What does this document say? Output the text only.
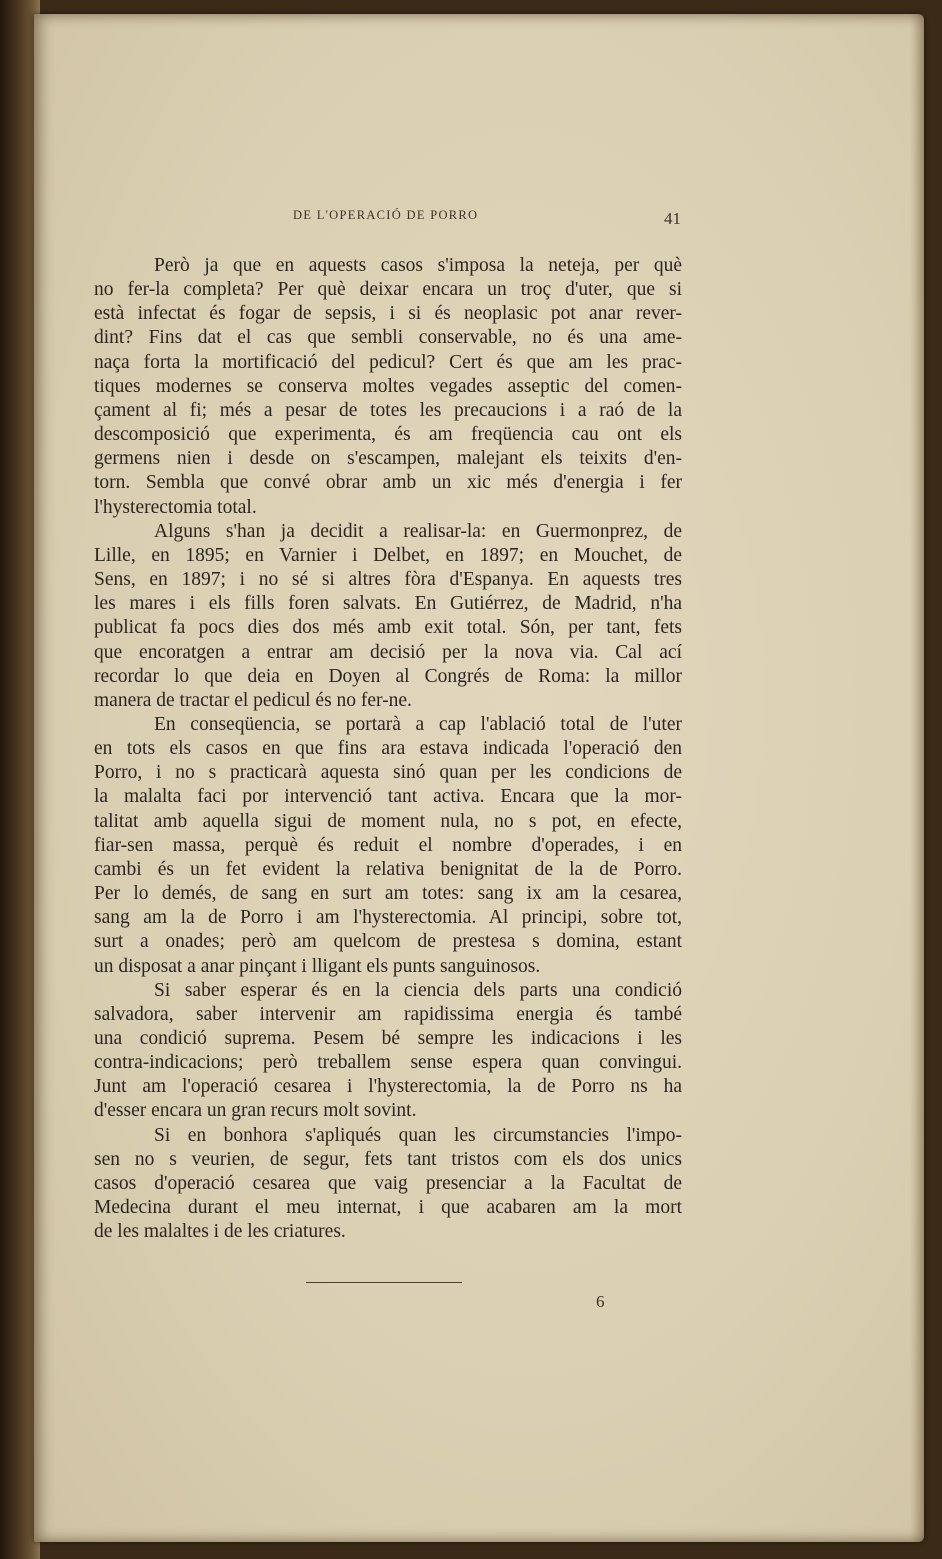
DE L'OPERACIÓ DE PORRO	41
Però ja que en aquests casos s'imposa la neteja, per què
no fer-la completa? Per què deixar encara un troç d'uter, que si
està infectat és fogar de sepsis, i si és neoplasic pot anar rever-
dint? Fins dat el cas que sembli conservable, no és una ame-
naça forta la mortificació del pedicul? Cert és que am les prac-
tiques modernes se conserva moltes vegades asseptic del comen-
çament al fi; més a pesar de totes les precaucions i a raó de la
descomposició que experimenta, és am freqüencia cau ont els
germens nien i desde on s'escampen, malejant els teixits d'en-
torn. Sembla que convé obrar amb un xic més d'energia i fer
l'hysterectomia total.
Alguns s'han ja decidit a realisar-la: en Guermonprez, de
Lille, en 1895; en Varnier i Delbet, en 1897; en Mouchet, de
Sens, en 1897; i no sé si altres fòra d'Espanya. En aquests tres
les mares i els fills foren salvats. En Gutiérrez, de Madrid, n'ha
publicat fa pocs dies dos més amb exit total. Són, per tant, fets
que encoratgen a entrar am decisió per la nova via. Cal ací
recordar lo que deia en Doyen al Congrés de Roma: la millor
manera de tractar el pedicul és no fer-ne.
En conseqüencia, se portarà a cap l'ablació total de l'uter
en tots els casos en que fins ara estava indicada l'operació den
Porro, i no s practicarà aquesta sinó quan per les condicions de
la malalta faci por intervenció tant activa. Encara que la mor-
talitat amb aquella sigui de moment nula, no s pot, en efecte,
fiar-sen massa, perquè és reduit el nombre d'operades, i en
cambi és un fet evident la relativa benignitat de la de Porro.
Per lo demés, de sang en surt am totes: sang ix am la cesarea,
sang am la de Porro i am l'hysterectomia. Al principi, sobre tot,
surt a onades; però am quelcom de prestesa s domina, estant
un disposat a anar pinçant i lligant els punts sanguinosos.
Si saber esperar és en la ciencia dels parts una condició
salvadora, saber intervenir am rapidissima energia és també
una condició suprema. Pesem bé sempre les indicacions i les
contra-indicacions; però treballem sense espera quan convingui.
Junt am l'operació cesarea i l'hysterectomia, la de Porro ns ha
d'esser encara un gran recurs molt sovint.
Si en bonhora s'apliqués quan les circumstancies l'impo-
sen no s veurien, de segur, fets tant tristos com els dos unics
casos d'operació cesarea que vaig presenciar a la Facultat de
Medecina durant el meu internat, i que acabaren am la mort
de les malaltes i de les criatures.
6
